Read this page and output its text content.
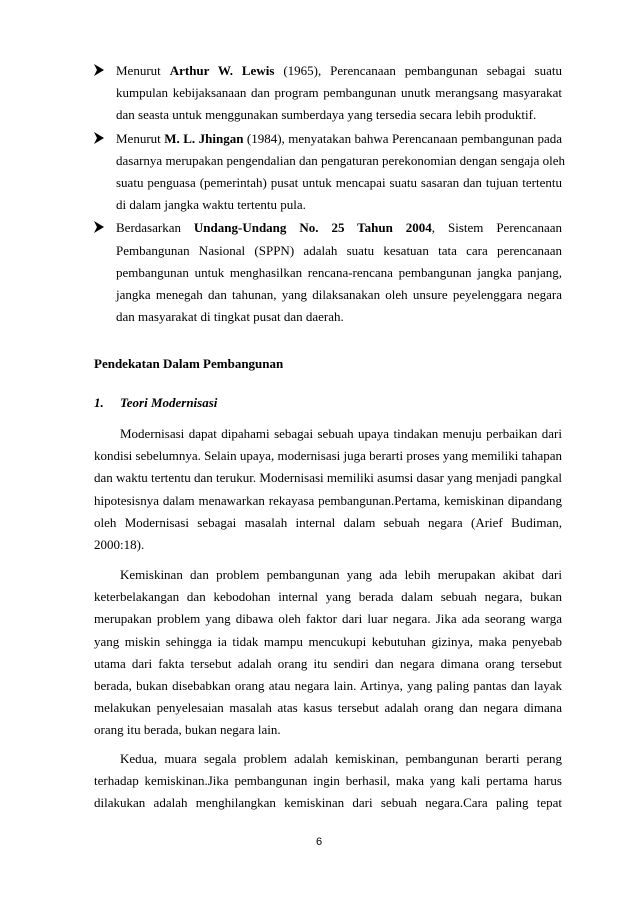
Menurut Arthur W. Lewis (1965), Perencanaan pembangunan sebagai suatu
kumpulan kebijaksanaan dan program pembangunan unutk merangsang masyarakat
dan seasta untuk menggunakan sumberdaya yang tersedia secara lebih produktif.
Menurut M. L. Jhingan (1984), menyatakan bahwa Perencanaan pembangunan pada
dasarnya merupakan pengendalian dan pengaturan perekonomian dengan sengaja oleh
suatu penguasa (pemerintah) pusat untuk mencapai suatu sasaran dan tujuan tertentu
di dalam jangka waktu tertentu pula.
Berdasarkan Undang-Undang No. 25 Tahun 2004, Sistem Perencanaan
Pembangunan Nasional (SPPN) adalah suatu kesatuan tata cara perencanaan
pembangunan untuk menghasilkan rencana-rencana pembangunan jangka panjang,
jangka menegah dan tahunan, yang dilaksanakan oleh unsure peyelenggara negara
dan masyarakat di tingkat pusat dan daerah.
Pendekatan Dalam Pembangunan
1. Teori Modernisasi
Modernisasi dapat dipahami sebagai sebuah upaya tindakan menuju perbaikan dari
kondisi sebelumnya. Selain upaya, modernisasi juga berarti proses yang memiliki tahapan
dan waktu tertentu dan terukur. Modernisasi memiliki asumsi dasar yang menjadi pangkal
hipotesisnya dalam menawarkan rekayasa pembangunan.Pertama, kemiskinan dipandang
oleh Modernisasi sebagai masalah internal dalam sebuah negara (Arief Budiman,
2000:18).
Kemiskinan dan problem pembangunan yang ada lebih merupakan akibat dari
keterbelakangan dan kebodohan internal yang berada dalam sebuah negara, bukan
merupakan problem yang dibawa oleh faktor dari luar negara. Jika ada seorang warga
yang miskin sehingga ia tidak mampu mencukupi kebutuhan gizinya, maka penyebab
utama dari fakta tersebut adalah orang itu sendiri dan negara dimana orang tersebut
berada, bukan disebabkan orang atau negara lain. Artinya, yang paling pantas dan layak
melakukan penyelesaian masalah atas kasus tersebut adalah orang dan negara dimana
orang itu berada, bukan negara lain.
Kedua, muara segala problem adalah kemiskinan, pembangunan berarti perang
terhadap kemiskinan.Jika pembangunan ingin berhasil, maka yang kali pertama harus
dilakukan adalah menghilangkan kemiskinan dari sebuah negara.Cara paling tepat
6
